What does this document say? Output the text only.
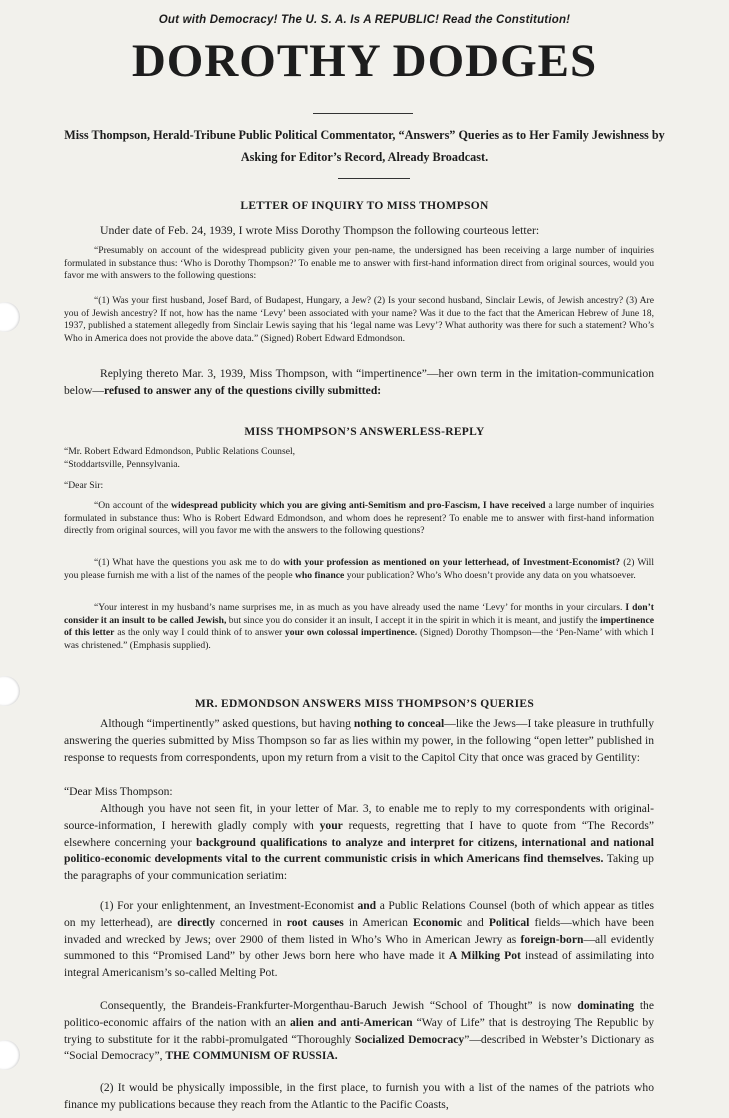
Out with Democracy! The U. S. A. Is A REPUBLIC! Read the Constitution!
DOROTHY DODGES
Miss Thompson, Herald-Tribune Public Political Commentator, “Answers” Queries as to Her Family Jewishness by Asking for Editor’s Record, Already Broadcast.
LETTER OF INQUIRY TO MISS THOMPSON
Under date of Feb. 24, 1939, I wrote Miss Dorothy Thompson the following courteous letter:
“Presumably on account of the widespread publicity given your pen-name, the undersigned has been receiving a large number of inquiries formulated in substance thus: ‘Who is Dorothy Thompson?’ To enable me to answer with first-hand information direct from original sources, would you favor me with answers to the following questions:
“(1) Was your first husband, Josef Bard, of Budapest, Hungary, a Jew? (2) Is your second husband, Sinclair Lewis, of Jewish ancestry? (3) Are you of Jewish ancestry? If not, how has the name ‘Levy’ been associated with your name? Was it due to the fact that the American Hebrew of June 18, 1937, published a statement allegedly from Sinclair Lewis saying that his ‘legal name was Levy’? What authority was there for such a statement? Who’s Who in America does not provide the above data.” (Signed) Robert Edward Edmondson.
Replying thereto Mar. 3, 1939, Miss Thompson, with “impertinence”—her own term in the imitation-communication below—refused to answer any of the questions civilly submitted:
MISS THOMPSON’S ANSWERLESS-REPLY
“Mr. Robert Edward Edmondson, Public Relations Counsel,
“Stoddartsville, Pennsylvania.
“Dear Sir:
“On account of the widespread publicity which you are giving anti-Semitism and pro-Fascism, I have received a large number of inquiries formulated in substance thus: Who is Robert Edward Edmondson, and whom does he represent? To enable me to answer with first-hand information directly from original sources, will you favor me with the answers to the following questions?
“(1) What have the questions you ask me to do with your profession as mentioned on your letterhead, of Investment-Economist? (2) Will you please furnish me with a list of the names of the people who finance your publication? Who’s Who doesn’t provide any data on you whatsoever.
“Your interest in my husband’s name surprises me, in as much as you have already used the name ‘Levy’ for months in your circulars. I don’t consider it an insult to be called Jewish, but since you do consider it an insult, I accept it in the spirit in which it is meant, and justify the impertinence of this letter as the only way I could think of to answer your own colossal impertinence. (Signed) Dorothy Thompson—the ‘Pen-Name’ with which I was christened.” (Emphasis supplied).
MR. EDMONDSON ANSWERS MISS THOMPSON’S QUERIES
Although “impertinently” asked questions, but having nothing to conceal—like the Jews—I take pleasure in truthfully answering the queries submitted by Miss Thompson so far as lies within my power, in the following “open letter” published in response to requests from correspondents, upon my return from a visit to the Capitol City that once was graced by Gentility:
“Dear Miss Thompson:
Although you have not seen fit, in your letter of Mar. 3, to enable me to reply to my correspondents with original-source-information, I herewith gladly comply with your requests, regretting that I have to quote from “The Records” elsewhere concerning your background qualifications to analyze and interpret for citizens, international and national politico-economic developments vital to the current communistic crisis in which Americans find themselves. Taking up the paragraphs of your communication seriatim:
(1) For your enlightenment, an Investment-Economist and a Public Relations Counsel (both of which appear as titles on my letterhead), are directly concerned in root causes in American Economic and Political fields—which have been invaded and wrecked by Jews; over 2900 of them listed in Who’s Who in American Jewry as foreign-born—all evidently summoned to this “Promised Land” by other Jews born here who have made it A Milking Pot instead of assimilating into integral Americanism’s so-called Melting Pot.
Consequently, the Brandeis-Frankfurter-Morgenthau-Baruch Jewish “School of Thought” is now dominating the politico-economic affairs of the nation with an alien and anti-American “Way of Life” that is destroying The Republic by trying to substitute for it the rabbi-promulgated “Thoroughly Socialized Democracy”—described in Webster’s Dictionary as “Social Democracy”, THE COMMUNISM OF RUSSIA.
(2) It would be physically impossible, in the first place, to furnish you with a list of the names of the patriots who finance my publications because they reach from the Atlantic to the Pacific Coasts,
